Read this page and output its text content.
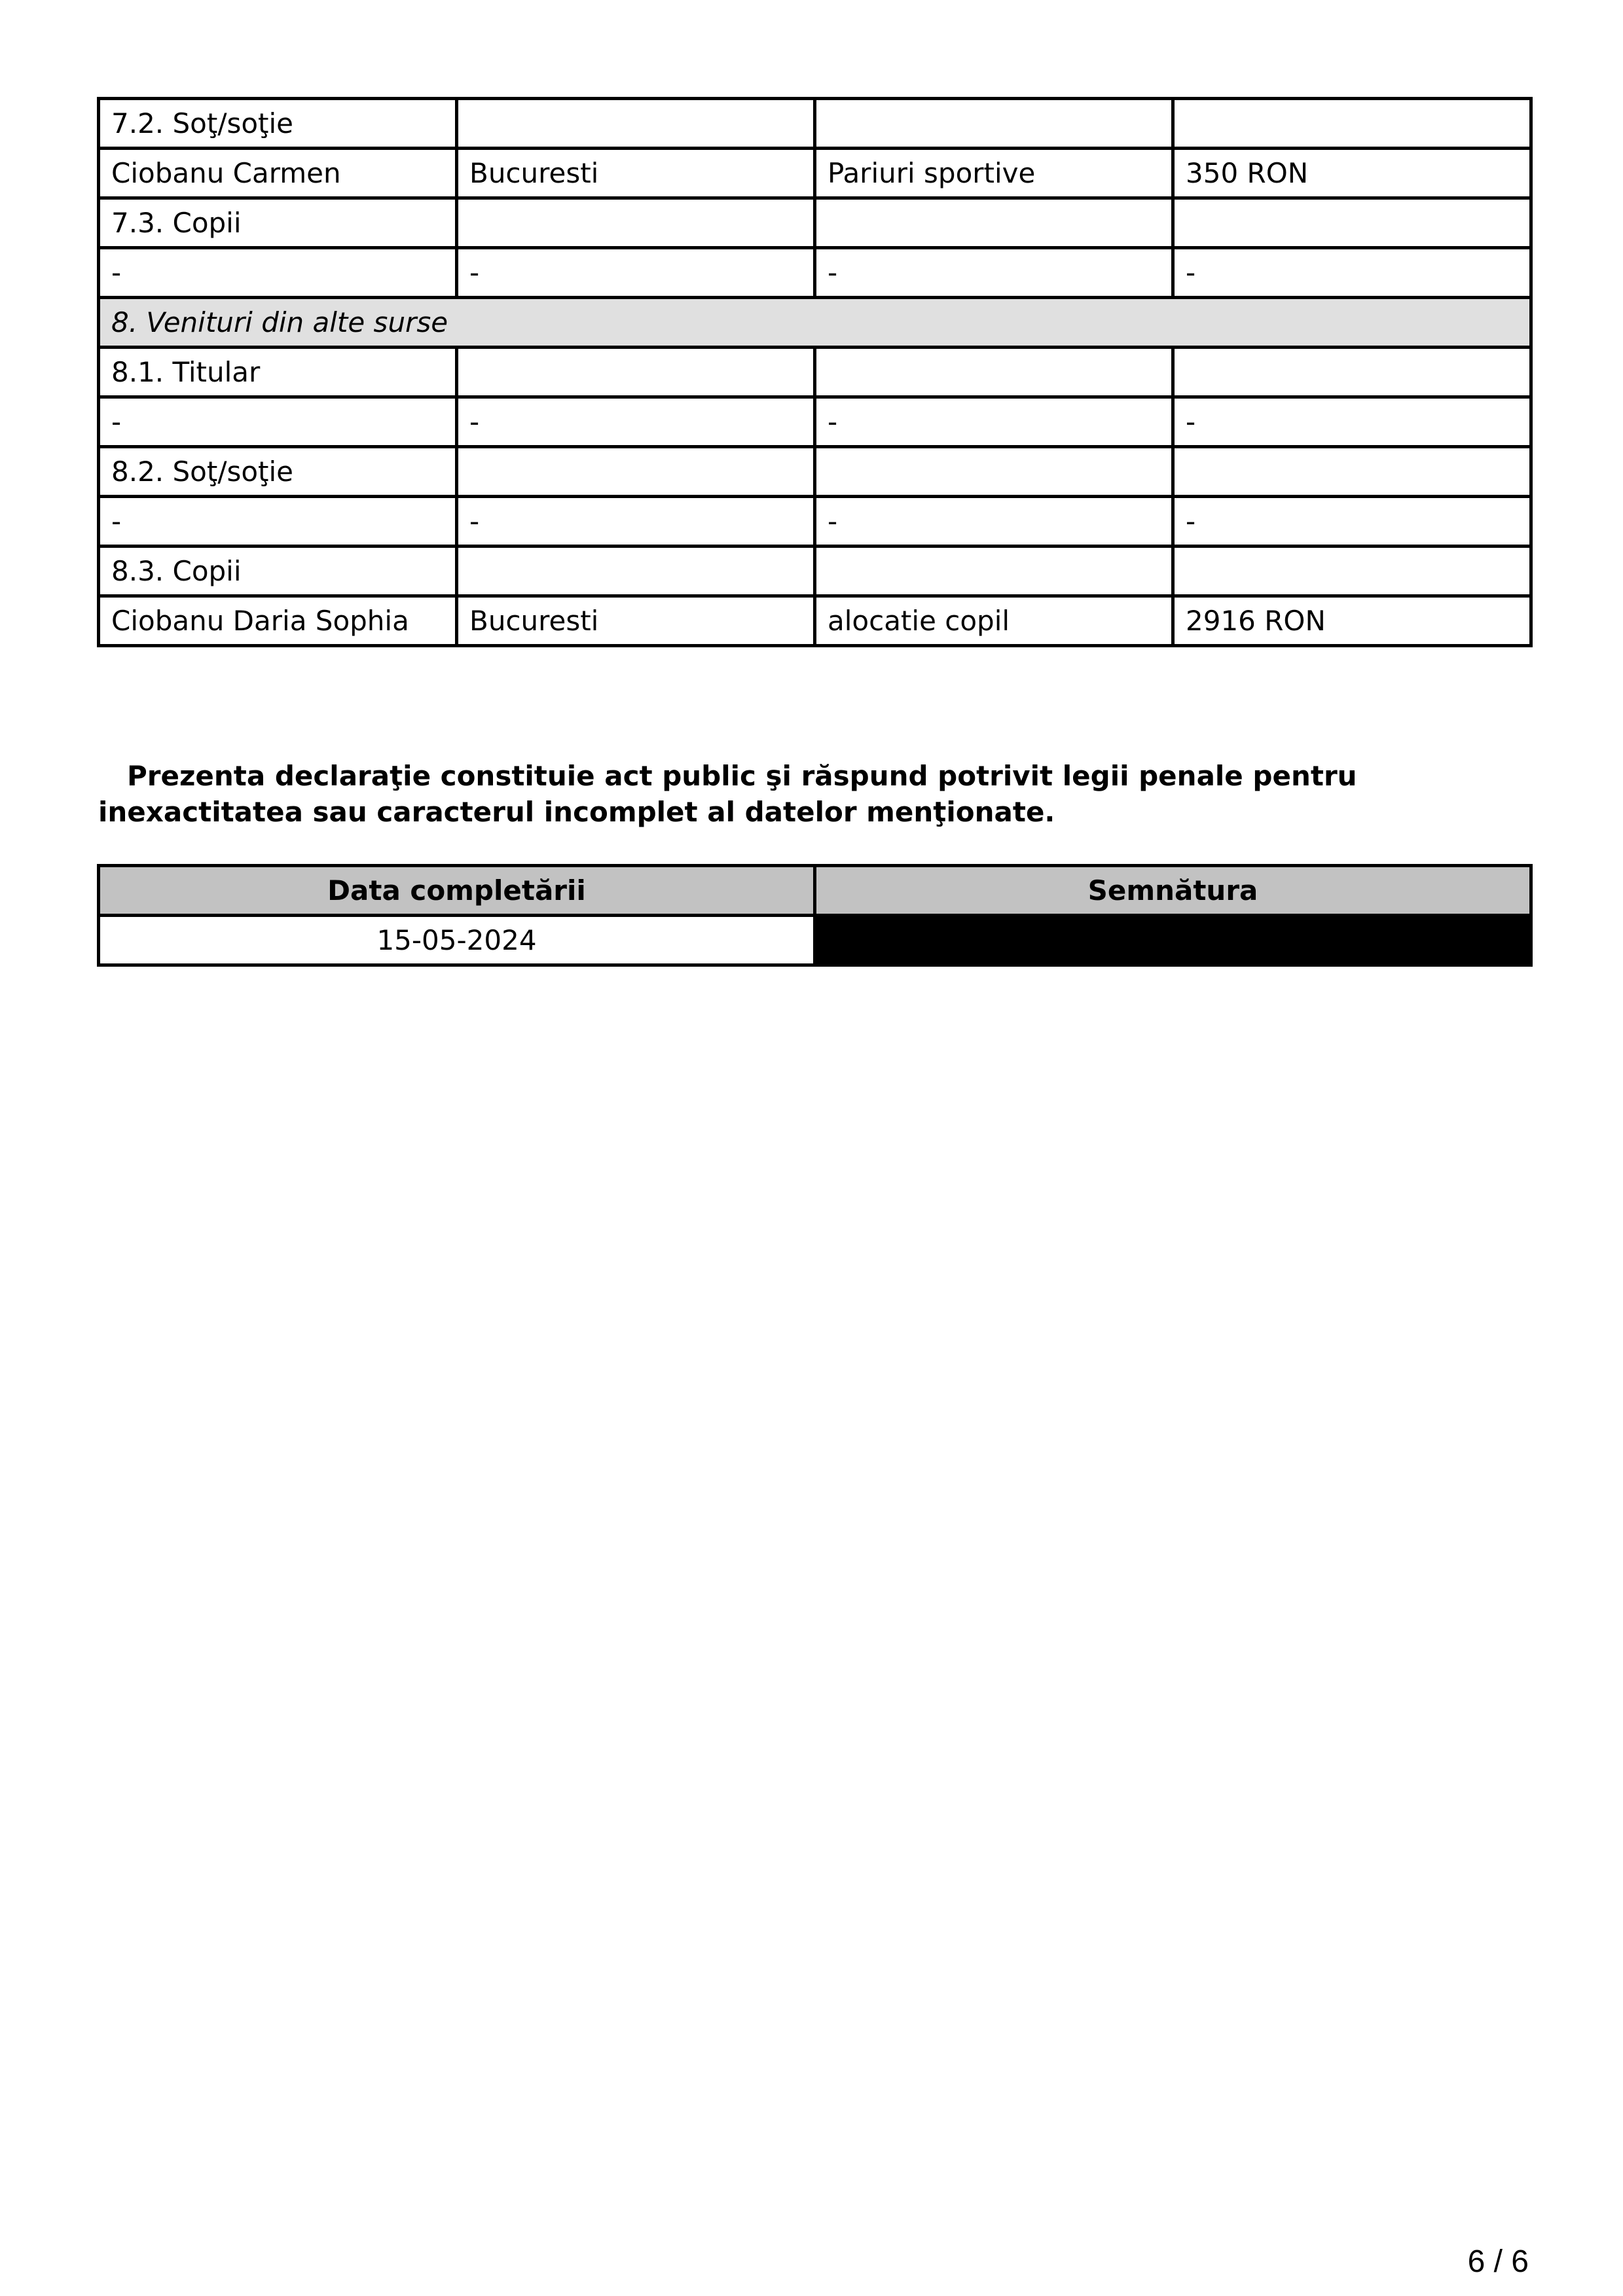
7.2. Soţ/soţie			
Ciobanu Carmen	Bucuresti	Pariuri sportive	350 RON
7.3. Copii			
-	-	-	-
8. Venituri din alte surse			
8.1. Titular			
-	-	-	-
8.2. Soţ/soţie			
-	-	-	-
8.3. Copii			
Ciobanu Daria Sophia	Bucuresti	alocatie copil	2916 RON

Prezenta declaraţie constituie act public şi răspund potrivit legii penale pentru inexactitatea sau caracterul incomplet al datelor menţionate.

Data completării	Semnătura
15-05-2024	
6 / 6
